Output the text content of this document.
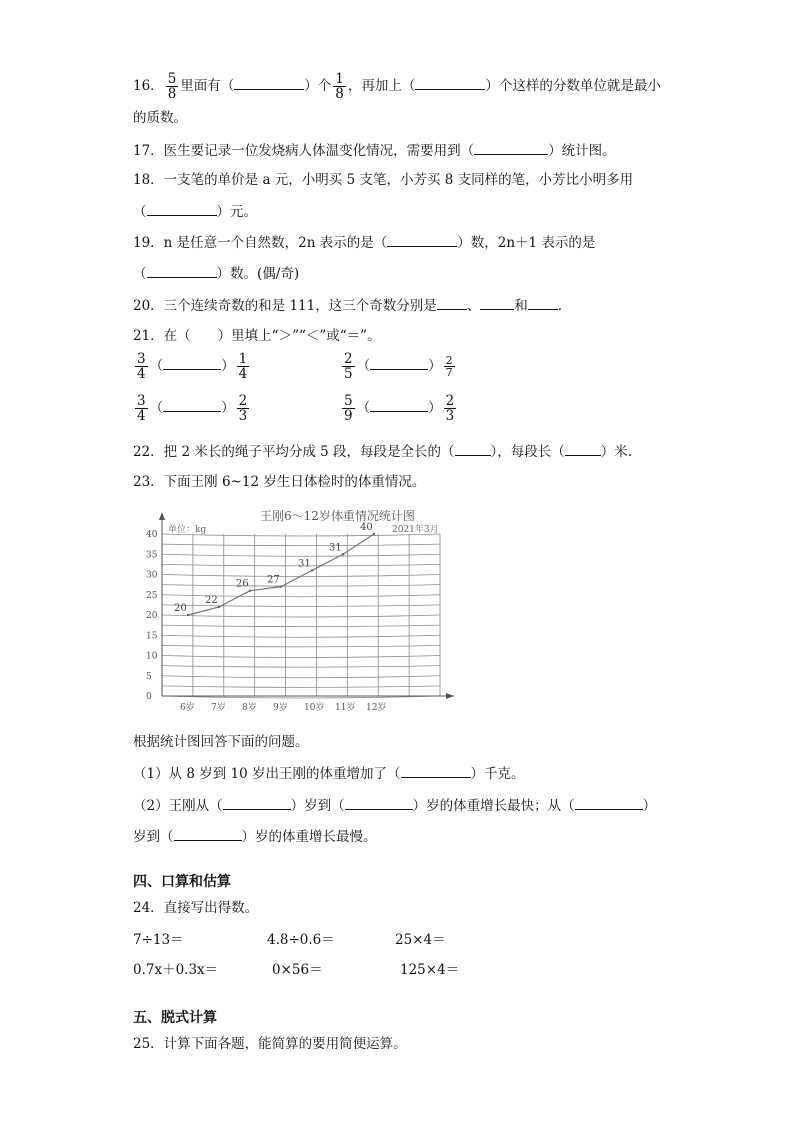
16． $\frac{5}{8}$ 里面有（	）个 $\frac{1}{8}$ ，再加上（	）个这样的分数单位就是最小
的质数。
17．医生要记录一位发烧病人体温变化情况，需要用到（	）统计图。
18．一支笔的单价是 a 元，小明买 5 支笔，小芳买 8 支同样的笔，小芳比小明多用
（	）元。
19．n 是任意一个自然数，2n 表示的是（	）数，2n＋1 表示的是
（	）数。(偶/奇)
20．三个连续奇数的和是 111，这三个奇数分别是 、	和 .
21．在（　　）里填上“＞”“＜”或“＝”。
$\frac{3}{4}$ （	） $\frac{1}{4}$	$\frac{2}{5}$ （	） $\frac{2}{7}$
$\frac{3}{4}$ （	） $\frac{2}{3}$	$\frac{5}{9}$ （	） $\frac{2}{3}$
22．把 2 米长的绳子平均分成 5 段，每段是全长的（	），每段长（	）米.
23．下面王刚 6~12 岁生日体检时的体重情况。
王刚6～12岁体重情况统计图
单位：kg	2021年3月
0
5
10
15
20
25
30
35
40
6岁 7岁 8岁 9岁 10岁 11岁 12岁
20
22
26 27
31
31
40
根据统计图回答下面的问题。
（1）从 8 岁到 10 岁出王刚的体重增加了（	）千克。
（2）王刚从（	）岁到（	）岁的体重增长最快；从（	）
岁到（	）岁的体重增长最慢。
四、口算和估算
24．直接写出得数。
7÷13＝	4.8÷0.6＝	25×4＝
0.7x＋0.3x＝	0×56＝	125×4＝
五、脱式计算
25．计算下面各题，能简算的要用简便运算。
